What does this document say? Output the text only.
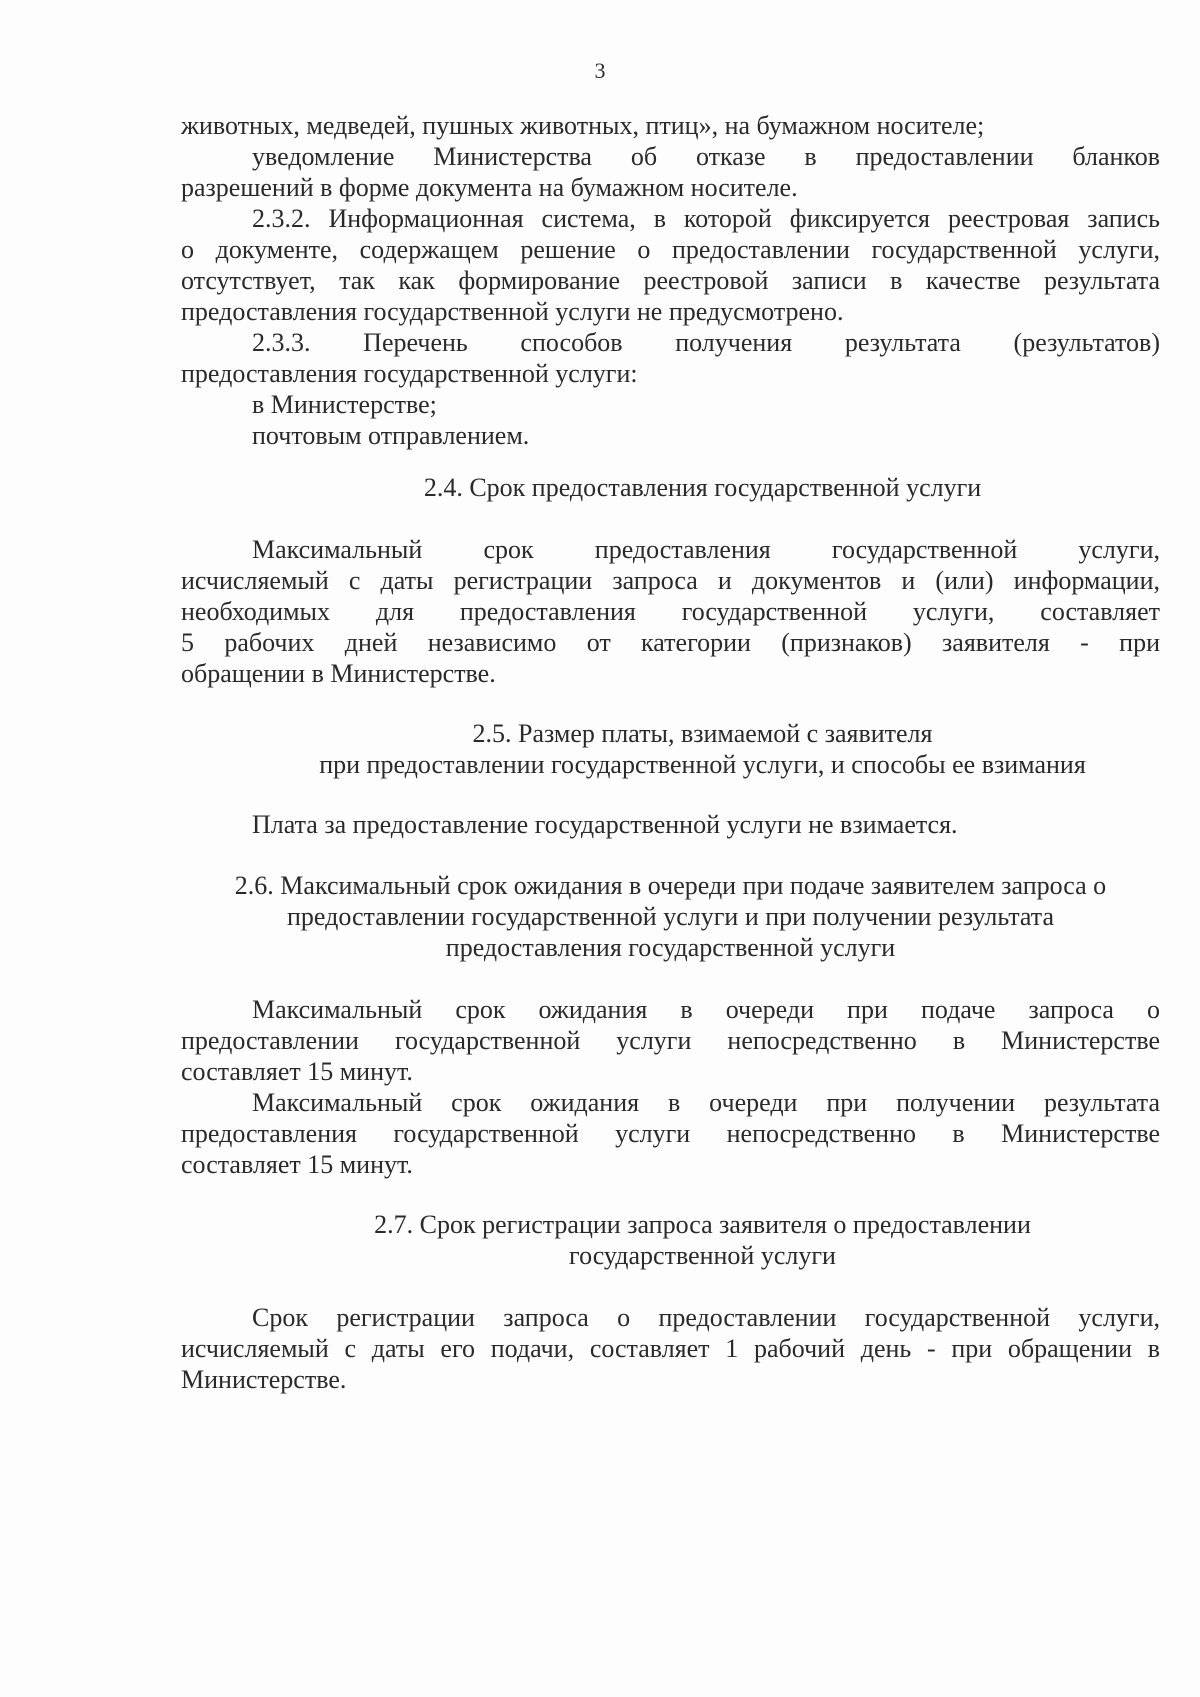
3

животных, медведей, пушных животных, птиц», на бумажном носителе;

уведомление Министерства об отказе в предоставлении бланков

разрешений в форме документа на бумажном носителе.

2.3.2. Информационная система, в которой фиксируется реестровая запись

о документе, содержащем решение о предоставлении государственной услуги,

отсутствует, так как формирование реестровой записи в качестве результата

предоставления государственной услуги не предусмотрено.

2.3.3. Перечень способов получения результата (результатов)

предоставления государственной услуги:

в Министерстве;

почтовым отправлением.

2.4. Срок предоставления государственной услуги

Максимальный срок предоставления государственной услуги,

исчисляемый с даты регистрации запроса и документов и (или) информации,

необходимых для предоставления государственной услуги, составляет

5 рабочих дней независимо от категории (признаков) заявителя - при

обращении в Министерстве.

2.5. Размер платы, взимаемой с заявителя

при предоставлении государственной услуги, и способы ее взимания

Плата за предоставление государственной услуги не взимается.

2.6. Максимальный срок ожидания в очереди при подаче заявителем запроса о

предоставлении государственной услуги и при получении результата

предоставления государственной услуги

Максимальный срок ожидания в очереди при подаче запроса о

предоставлении государственной услуги непосредственно в Министерстве

составляет 15 минут.

Максимальный срок ожидания в очереди при получении результата

предоставления государственной услуги непосредственно в Министерстве

составляет 15 минут.

2.7. Срок регистрации запроса заявителя о предоставлении

государственной услуги

Срок регистрации запроса о предоставлении государственной услуги,

исчисляемый с даты его подачи, составляет 1 рабочий день - при обращении в

Министерстве.
